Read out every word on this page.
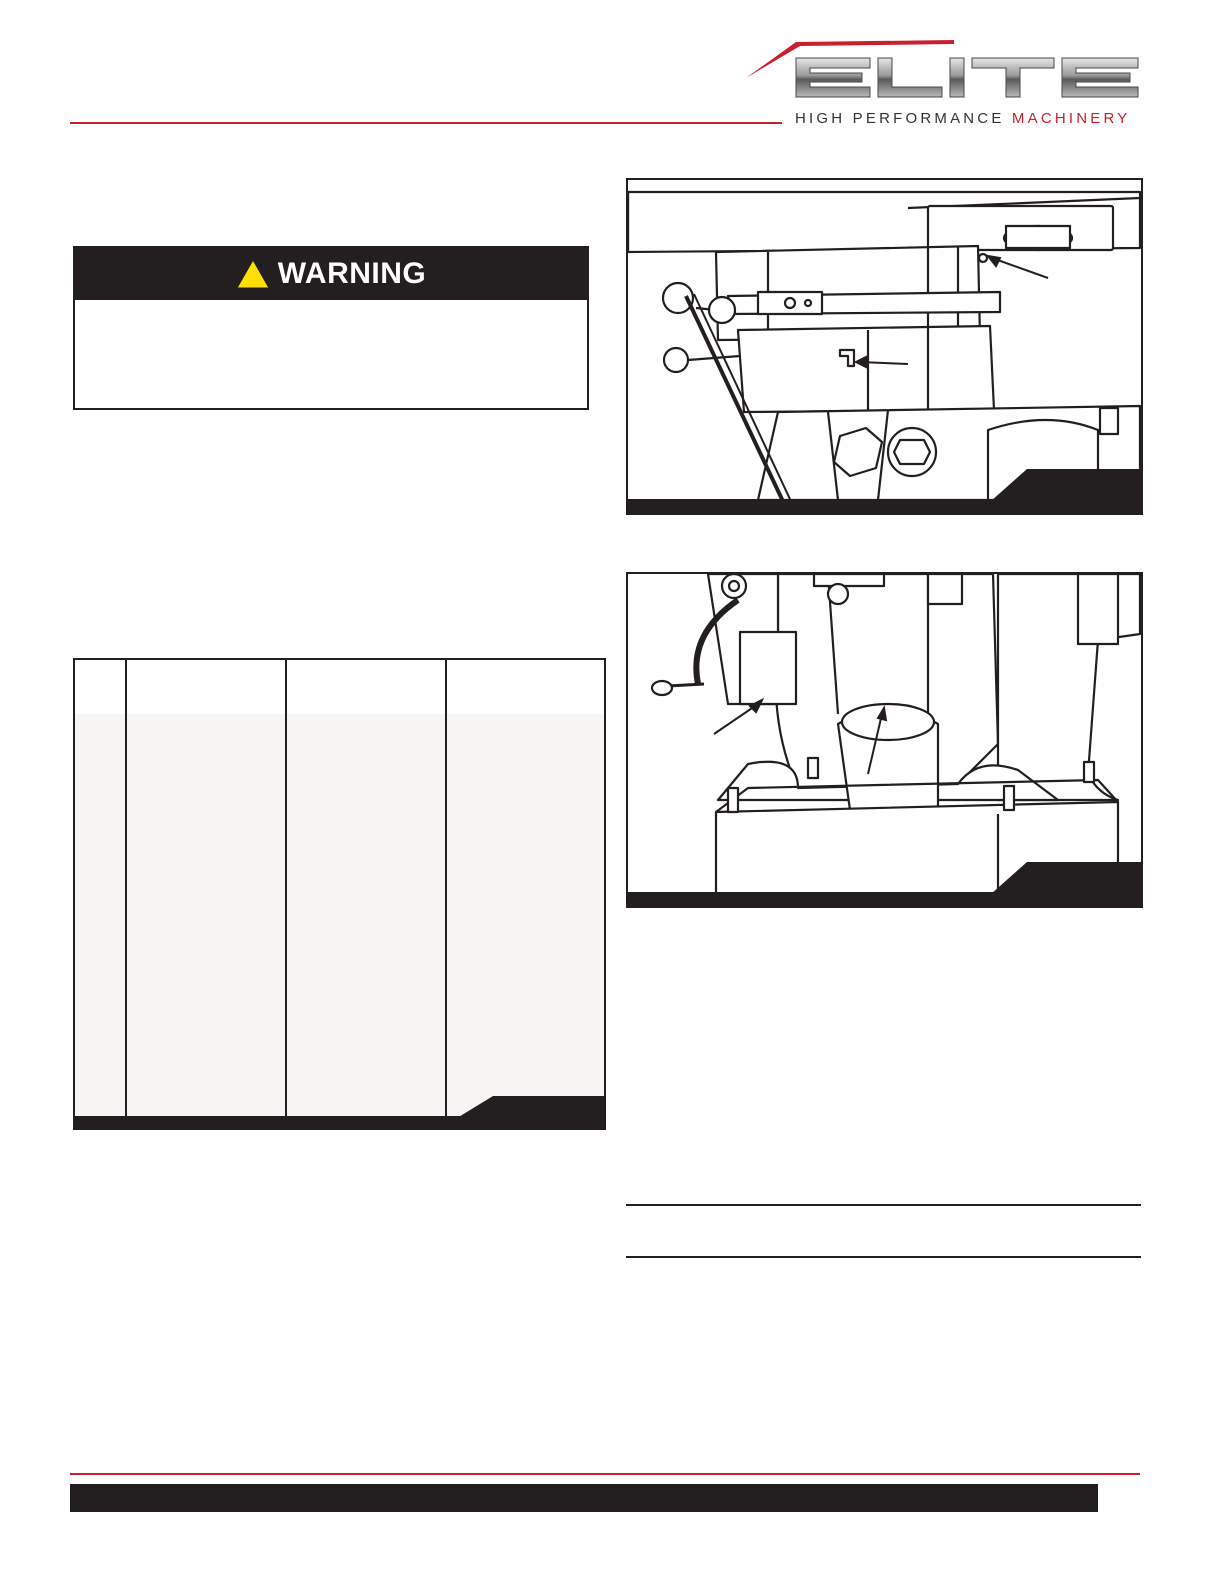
HIGH PERFORMANCE MACHINERY
WARNING
